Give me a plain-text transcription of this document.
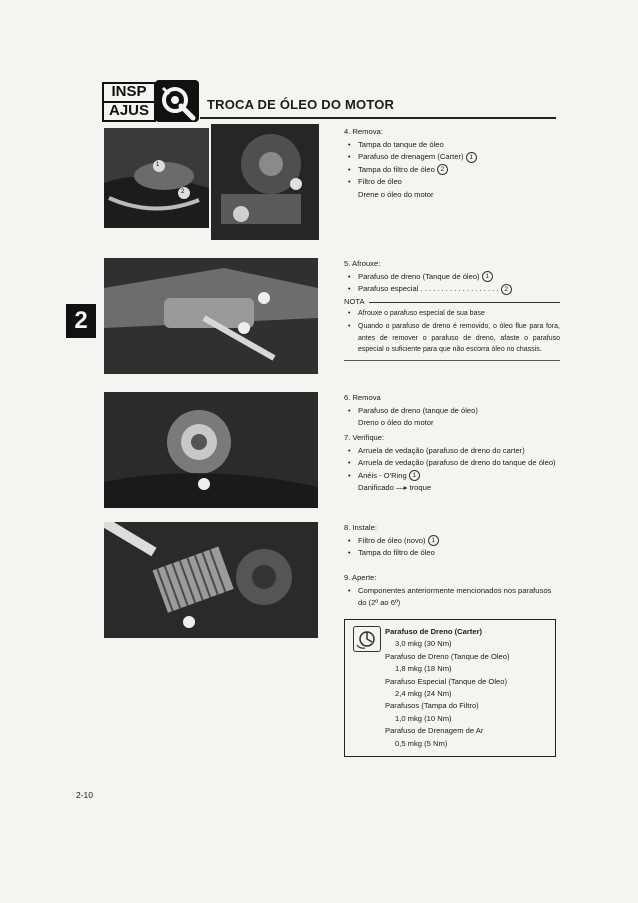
INSP
AJUS	TROCA DE ÓLEO DO MOTOR
2
1
2

4. Remova:

• Tampa do tanque de óleo

• Parafuso de drenagem (Carter) 1

• Tampa do filtro de óleo 2

• Filtro de óleo

Drene o óleo do motor

5. Afrouxe:

• Parafuso de dreno (Tanque de óleo) 1

• Parafuso especial . . . . . . . . . . . . . . . . . . . 2

NOTA

• Afrouxe o parafuso especial de sua base

• Quando o parafuso de dreno é removido, o óleo flue para fora, antes de remover o parafuso de dreno, afaste o parafuso especial o suficiente para que não escorra óleo no chassis.

6. Remova

• Parafuso de dreno (tanque de óleo)

Dreno o óleo do motor

7. Verifique:

• Arruela de vedação (parafuso de dreno do carter)

• Arruela de vedação (parafuso de dreno do tanque de óleo)

• Anéis - O'Ring 1

Danificado —▸ troque

8. Instale:

• Filtro de óleo (novo) 1

• Tampa do filtro de óleo

9. Aperte:

• Componentes anteriormente mencionados nos parafusos do (2º ao 6º)

Parafuso de Dreno (Carter)

3,0 mkg (30 Nm)

Parafuso de Dreno (Tanque de Oleo)

1,8 mkg (18 Nm)

Parafuso Especial (Tanque de Oleo)

2,4 mkg (24 Nm)

Parafusos (Tampa do Filtro)

1,0 mkg (10 Nm)

Parafuso de Drenagem de Ar

0,5 mkg (5 Nm)

2-10
